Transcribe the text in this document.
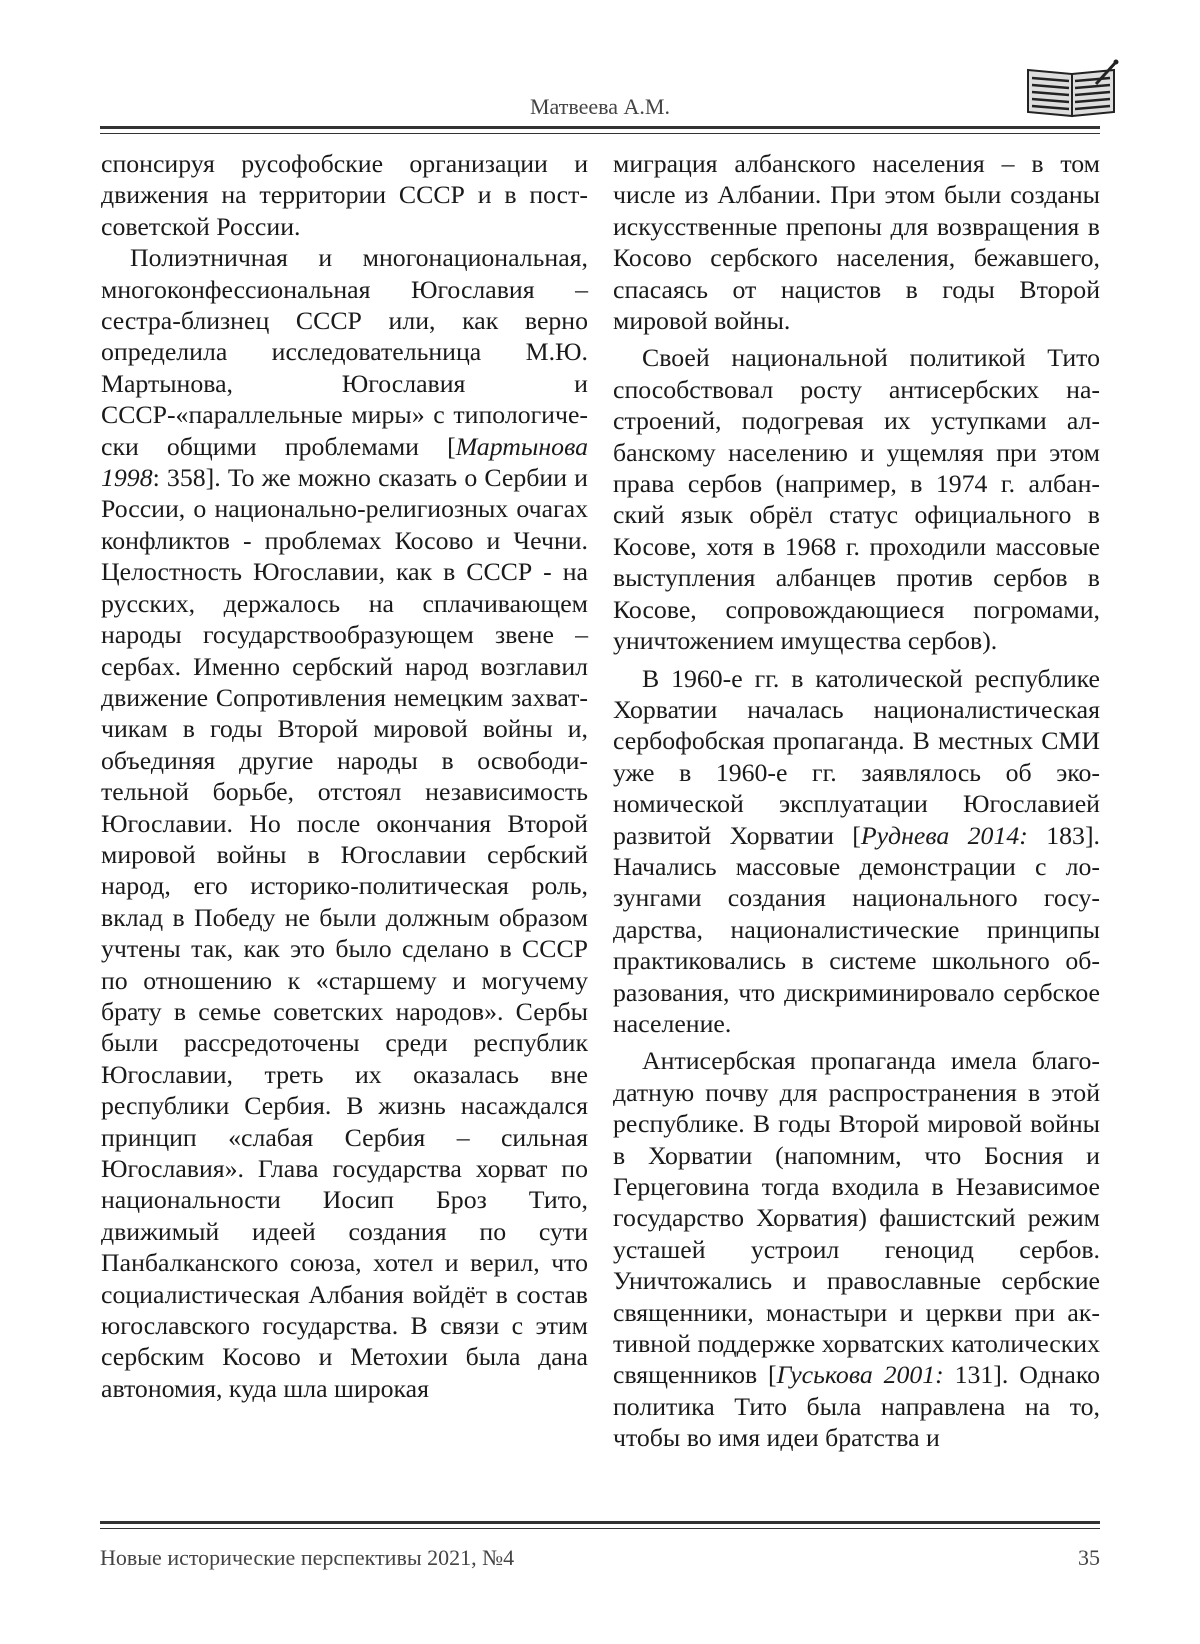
Матвеева А.М.

спонсируя русофобские организации и движения на территории СССР и в постсоветской России.

Полиэтничная и многонациональная, многоконфессиональная Югославия – сестра-близнец СССР или, как верно определила исследовательница М.Ю. Мартынова, Югославия и СССР-«параллельные миры» с типологически общими проблемами [Мартынова 1998: 358]. То же можно сказать о Сербии и России, о национально-религиозных очагах конфликтов - проблемах Косово и Чечни. Целостность Югославии, как в СССР - на русских, держалось на сплачивающем народы государствообразующем звене – сербах. Именно сербский народ возглавил движение Сопротивления немецким захватчикам в годы Второй мировой войны и, объединяя другие народы в освободительной борьбе, отстоял независимость Югославии. Но после окончания Второй мировой войны в Югославии сербский народ, его историко-политическая роль, вклад в Победу не были должным образом учтены так, как это было сделано в СССР по отношению к «старшему и могучему брату в семье советских народов». Сербы были рассредоточены среди республик Югославии, треть их оказалась вне республики Сербия. В жизнь насаждался принцип «слабая Сербия – сильная Югославия». Глава государства хорват по национальности Иосип Броз Тито, движимый идеей создания по сути Панбалканского союза, хотел и верил, что социалистическая Албания войдёт в состав югославского государства. В связи с этим сербским Косово и Метохии была дана автономия, куда шла широкая

миграция албанского населения – в том числе из Албании. При этом были созданы искусственные препоны для возвращения в Косово сербского населения, бежавшего, спасаясь от нацистов в годы Второй мировой войны.

Своей национальной политикой Тито способствовал росту антисербских настроений, подогревая их уступками албанскому населению и ущемляя при этом права сербов (например, в 1974 г. албанский язык обрёл статус официального в Косове, хотя в 1968 г. проходили массовые выступления албанцев против сербов в Косове, сопровождающиеся погромами, уничтожением имущества сербов).

В 1960-е гг. в католической республике Хорватии началась националистическая сербофобская пропаганда. В местных СМИ уже в 1960-е гг. заявлялось об экономической эксплуатации Югославией развитой Хорватии [Руднева 2014: 183]. Начались массовые демонстрации с лозунгами создания национального государства, националистические принципы практиковались в системе школьного образования, что дискриминировало сербское население.

Антисербская пропаганда имела благодатную почву для распространения в этой республике. В годы Второй мировой войны в Хорватии (напомним, что Босния и Герцеговина тогда входила в Независимое государство Хорватия) фашистский режим усташей устроил геноцид сербов. Уничтожались и православные сербские священники, монастыри и церкви при активной поддержке хорватских католических священников [Гуськова 2001: 131]. Однако политика Тито была направлена на то, чтобы во имя идеи братства и

Новые исторические перспективы 2021, №4	35
